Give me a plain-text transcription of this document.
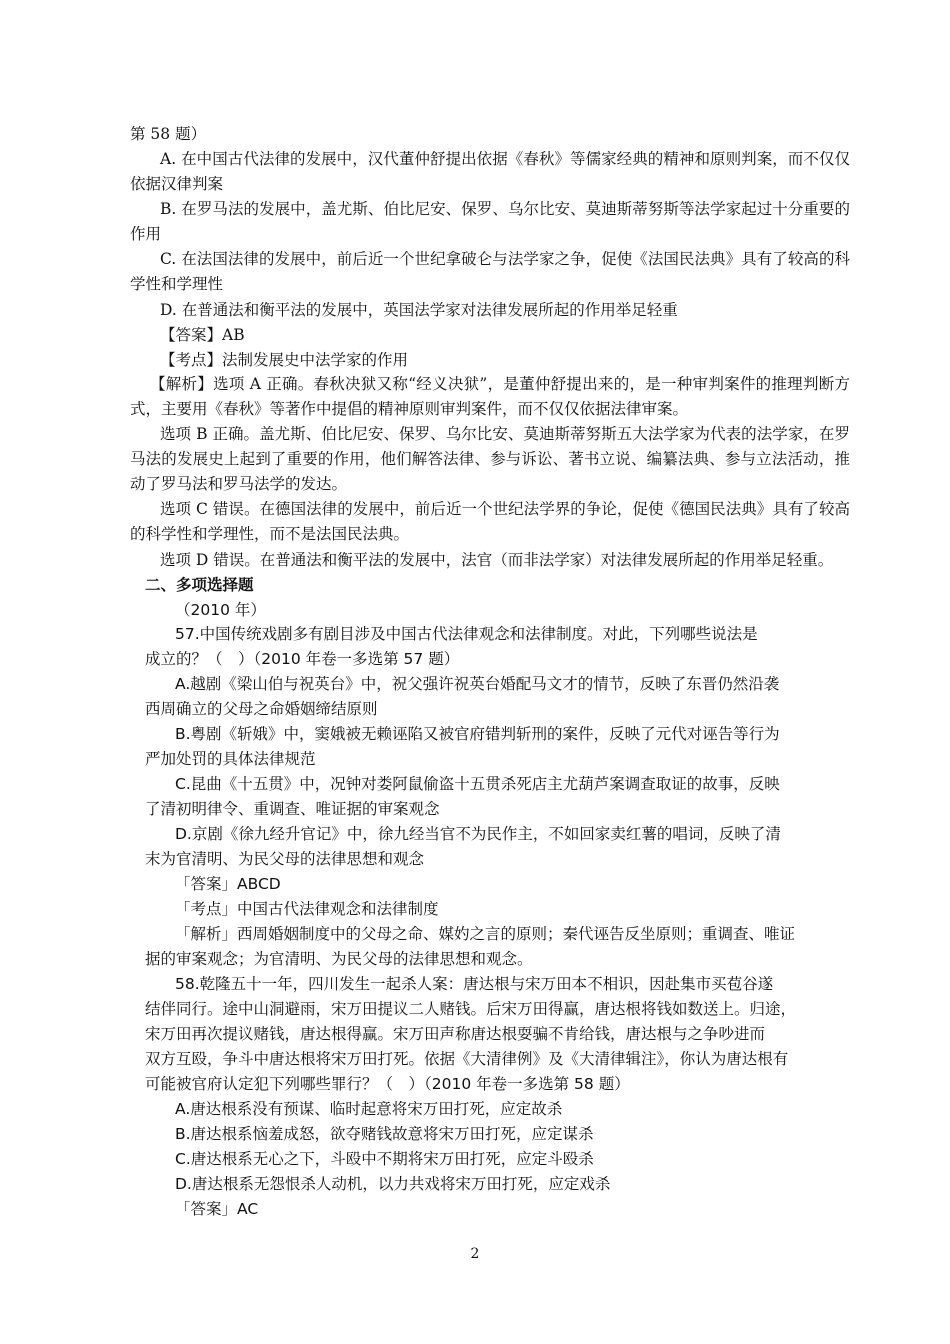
第 58 题）
A. 在中国古代法律的发展中，汉代董仲舒提出依据《春秋》等儒家经典的精神和原则判案，而不仅仅依据汉律判案
B. 在罗马法的发展中，盖尤斯、伯比尼安、保罗、乌尔比安、莫迪斯蒂努斯等法学家起过十分重要的作用
C. 在法国法律的发展中，前后近一个世纪拿破仑与法学家之争，促使《法国民法典》具有了较高的科学性和学理性
D. 在普通法和衡平法的发展中，英国法学家对法律发展所起的作用举足轻重
【答案】AB
【考点】法制发展史中法学家的作用
【解析】选项 A 正确。春秋决狱又称“经义决狱”，是董仲舒提出来的，是一种审判案件的推理判断方式，主要用《春秋》等著作中提倡的精神原则审判案件，而不仅仅依据法律审案。
选项 B 正确。盖尤斯、伯比尼安、保罗、乌尔比安、莫迪斯蒂努斯五大法学家为代表的法学家，在罗马法的发展史上起到了重要的作用，他们解答法律、参与诉讼、著书立说、编纂法典、参与立法活动，推动了罗马法和罗马法学的发达。
选项 C 错误。在德国法律的发展中，前后近一个世纪法学界的争论，促使《德国民法典》具有了较高的科学性和学理性，而不是法国民法典。
选项 D 错误。在普通法和衡平法的发展中，法官（而非法学家）对法律发展所起的作用举足轻重。
二、多项选择题
（2010 年）
57.中国传统戏剧多有剧目涉及中国古代法律观念和法律制度。对此，下列哪些说法是
成立的？（　）（2010 年卷一多选第 57 题）
A.越剧《梁山伯与祝英台》中，祝父强许祝英台婚配马文才的情节，反映了东晋仍然沿袭
西周确立的父母之命婚姻缔结原则
B.粤剧《斩娥》中，窦娥被无赖诬陷又被官府错判斩刑的案件，反映了元代对诬告等行为
严加处罚的具体法律规范
C.昆曲《十五贯》中，况钟对娄阿鼠偷盗十五贯杀死店主尤葫芦案调查取证的故事，反映
了清初明律令、重调查、唯证据的审案观念
D.京剧《徐九经升官记》中，徐九经当官不为民作主，不如回家卖红薯的唱词，反映了清
末为官清明、为民父母的法律思想和观念
「答案」ABCD
「考点」中国古代法律观念和法律制度
「解析」西周婚姻制度中的父母之命、媒妁之言的原则；秦代诬告反坐原则；重调查、唯证
据的审案观念；为官清明、为民父母的法律思想和观念。
58.乾隆五十一年，四川发生一起杀人案：唐达根与宋万田本不相识，因赴集市买苞谷遂
结伴同行。途中山洞避雨，宋万田提议二人赌钱。后宋万田得赢，唐达根将钱如数送上。归途，
宋万田再次提议赌钱，唐达根得赢。宋万田声称唐达根耍骗不肯给钱，唐达根与之争吵进而
双方互殴，争斗中唐达根将宋万田打死。依据《大清律例》及《大清律辑注》，你认为唐达根有
可能被官府认定犯下列哪些罪行？（　）（2010 年卷一多选第 58 题）
A.唐达根系没有预谋、临时起意将宋万田打死，应定故杀
B.唐达根系恼羞成怒，欲夺赌钱故意将宋万田打死，应定谋杀
C.唐达根系无心之下，斗殴中不期将宋万田打死，应定斗殴杀
D.唐达根系无怨恨杀人动机，以力共戏将宋万田打死，应定戏杀
「答案」AC
2
